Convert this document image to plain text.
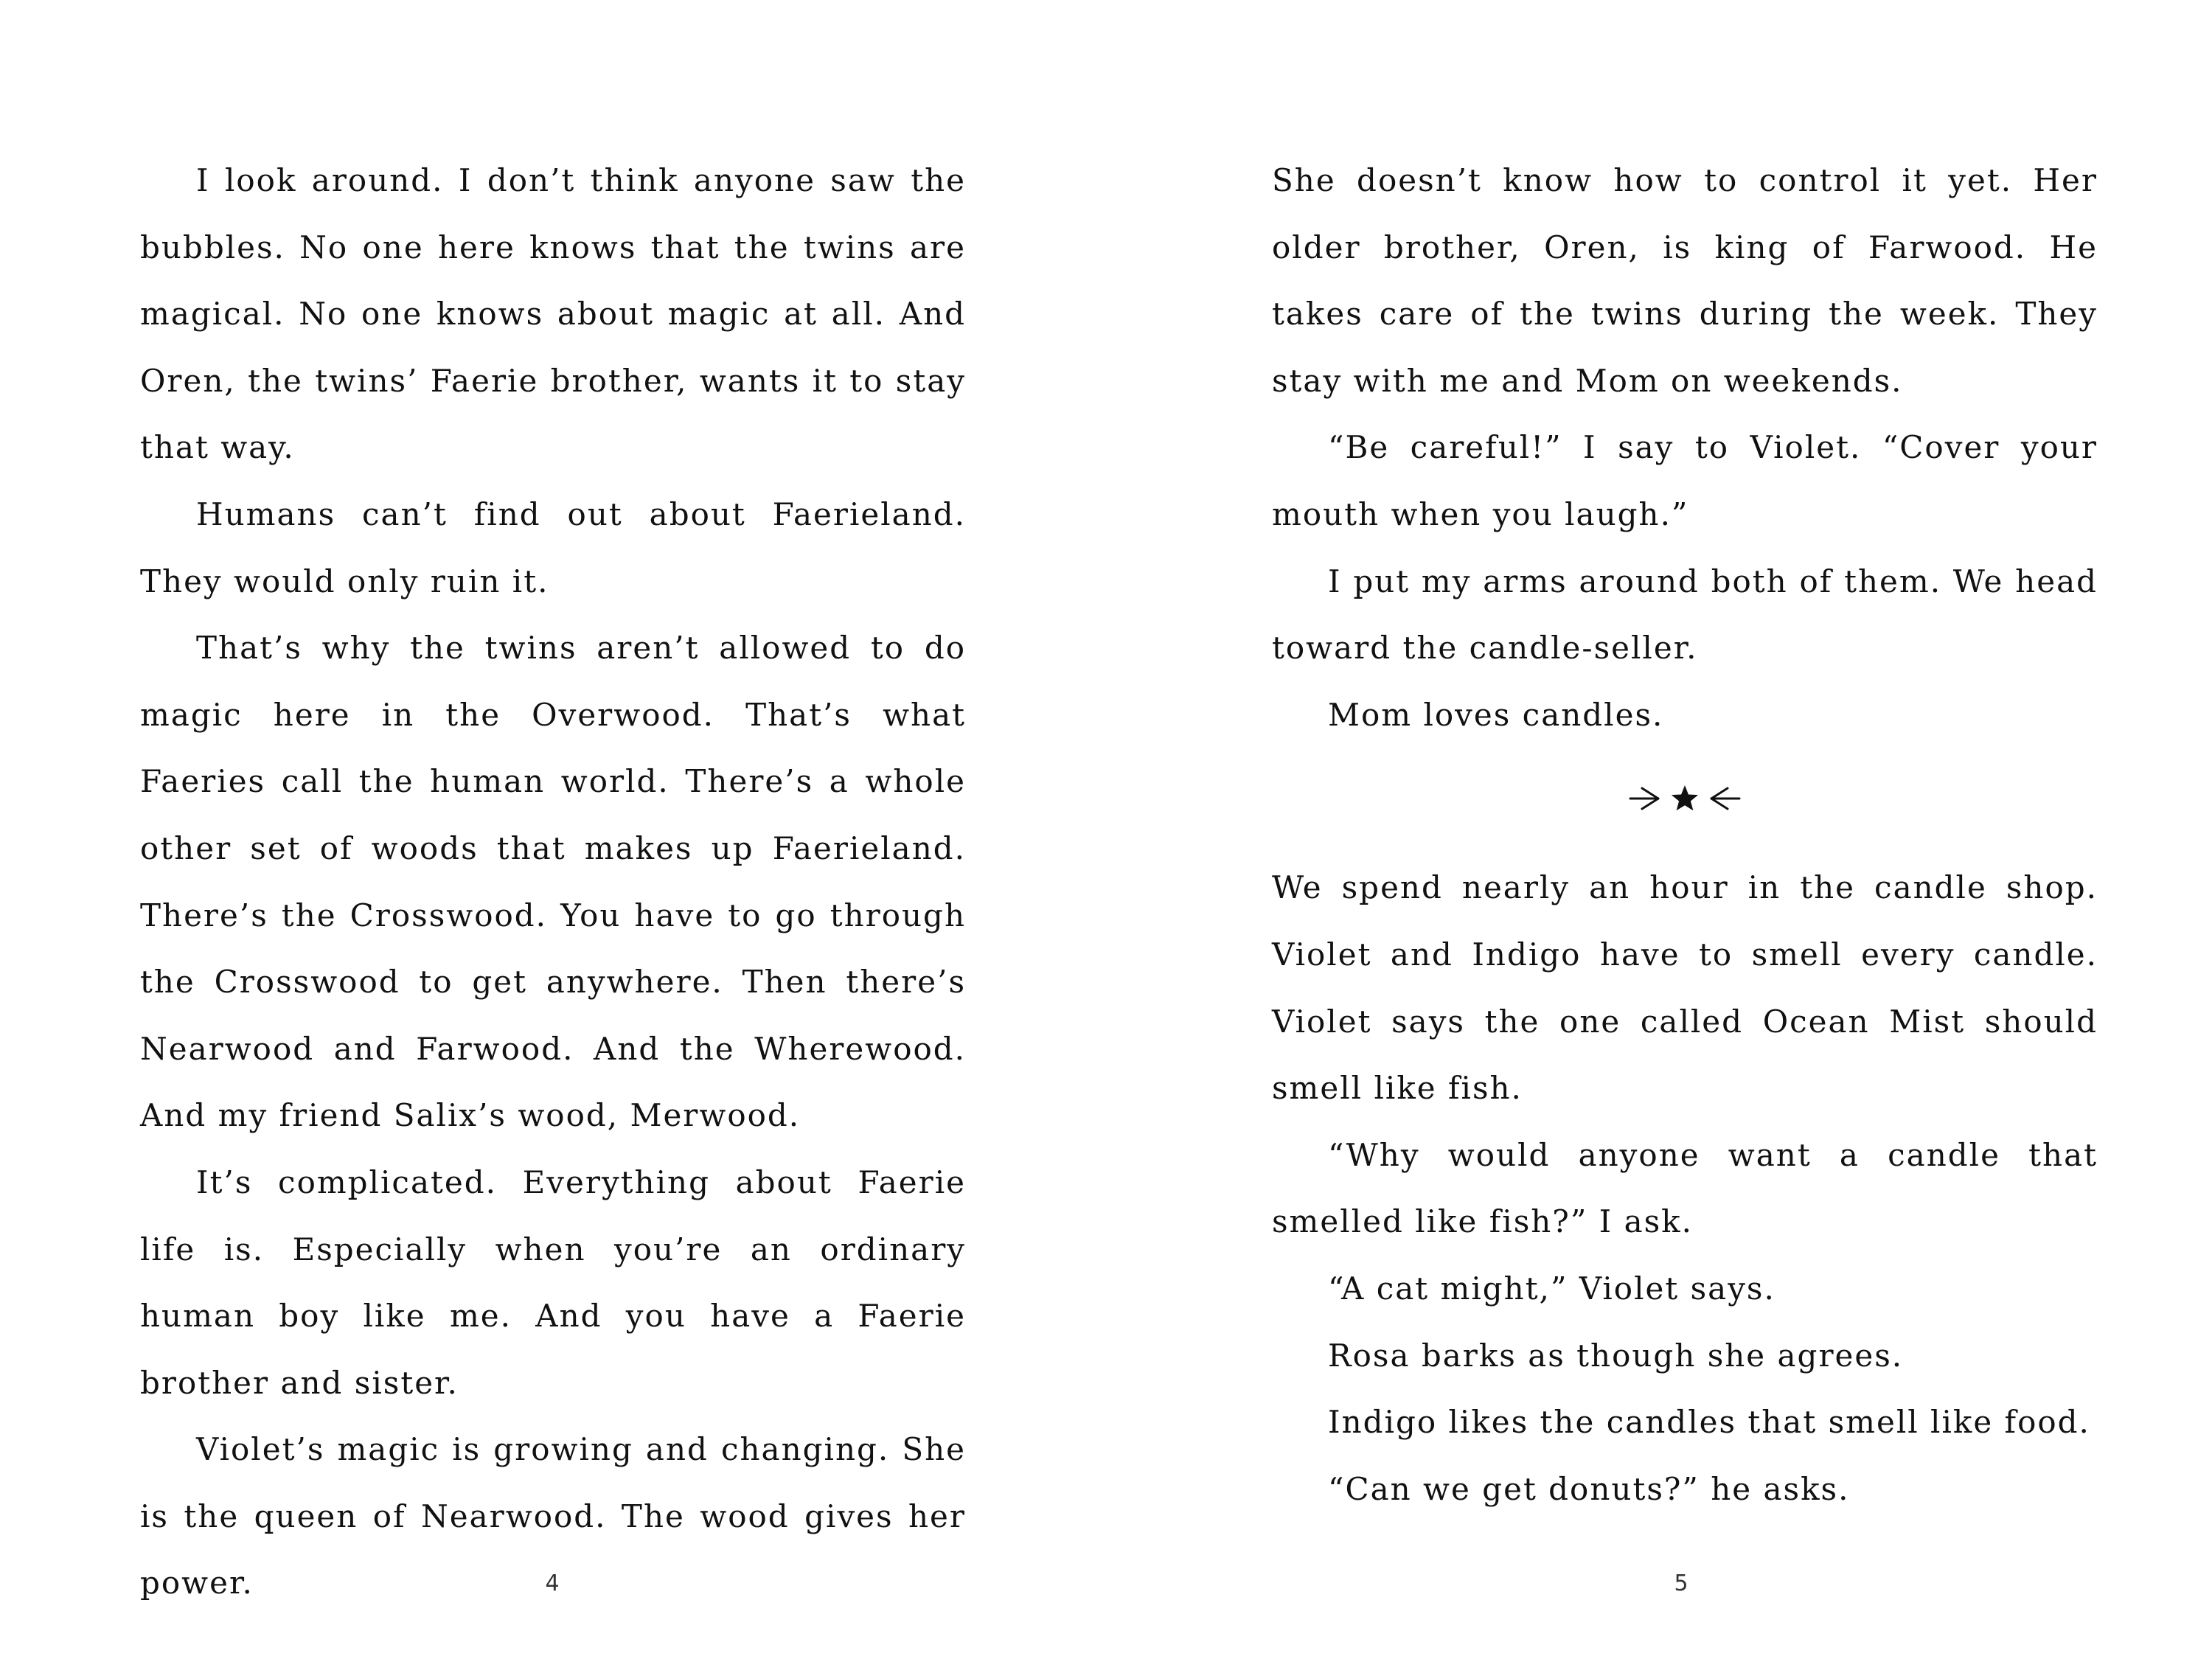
I look around. I don’t think anyone saw the bubbles. No one here knows that the twins are magical. No one knows about magic at all. And Oren, the twins’ Faerie brother, wants it to stay that way.

Humans can’t find out about Faerieland. They would only ruin it.

That’s why the twins aren’t allowed to do magic here in the Overwood. That’s what Faeries call the human world. There’s a whole other set of woods that makes up Faerieland. There’s the Crosswood. You have to go through the Crosswood to get anywhere. Then there’s Nearwood and Farwood. And the Wherewood. And my friend Salix’s wood, Merwood.

It’s complicated. Everything about Faerie life is. Especially when you’re an ordinary human boy like me. And you have a Faerie brother and sister.

Violet’s magic is growing and changing. She is the queen of Nearwood. The wood gives her power.	4

She doesn’t know how to control it yet. Her older brother, Oren, is king of Farwood. He takes care of the twins during the week. They stay with me and Mom on weekends.

“Be careful!” I say to Violet. “Cover your mouth when you laugh.”

I put my arms around both of them. We head toward the candle-seller.

Mom loves candles.

We spend nearly an hour in the candle shop. Violet and Indigo have to smell every candle. Violet says the one called Ocean Mist should smell like fish.

“Why would anyone want a candle that smelled like fish?” I ask.

“A cat might,” Violet says.

Rosa barks as though she agrees.

Indigo likes the candles that smell like food.

“Can we get donuts?” he asks.

5
